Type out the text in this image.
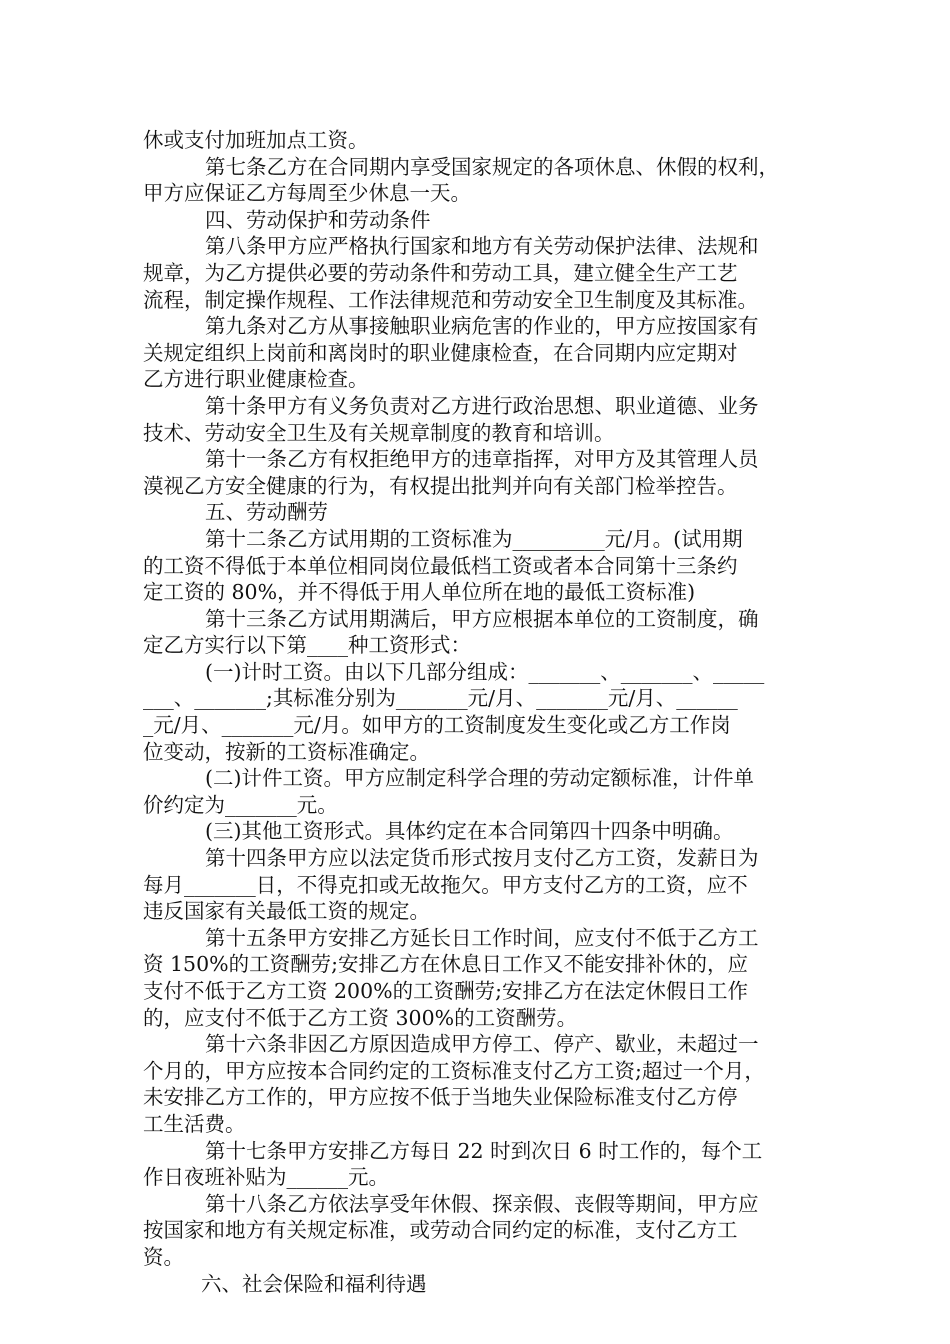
休或支付加班加点工资。
第七条乙方在合同期内享受国家规定的各项休息、休假的权利，
甲方应保证乙方每周至少休息一天。
四、劳动保护和劳动条件
第八条甲方应严格执行国家和地方有关劳动保护法律、法规和
规章，为乙方提供必要的劳动条件和劳动工具，建立健全生产工艺
流程，制定操作规程、工作法律规范和劳动安全卫生制度及其标准。
第九条对乙方从事接触职业病危害的作业的，甲方应按国家有
关规定组织上岗前和离岗时的职业健康检查，在合同期内应定期对
乙方进行职业健康检查。
第十条甲方有义务负责对乙方进行政治思想、职业道德、业务
技术、劳动安全卫生及有关规章制度的教育和培训。
第十一条乙方有权拒绝甲方的违章指挥，对甲方及其管理人员
漠视乙方安全健康的行为，有权提出批判并向有关部门检举控告。
五、劳动酬劳
第十二条乙方试用期的工资标准为_________元/月。(试用期
的工资不得低于本单位相同岗位最低档工资或者本合同第十三条约
定工资的 80%，并不得低于用人单位所在地的最低工资标准)
第十三条乙方试用期满后，甲方应根据本单位的工资制度，确
定乙方实行以下第____种工资形式：
(一)计时工资。由以下几部分组成：_______、_______、_____
___、_______;其标准分别为_______元/月、_______元/月、______
_元/月、_______元/月。如甲方的工资制度发生变化或乙方工作岗
位变动，按新的工资标准确定。
(二)计件工资。甲方应制定科学合理的劳动定额标准，计件单
价约定为_______元。
(三)其他工资形式。具体约定在本合同第四十四条中明确。
第十四条甲方应以法定货币形式按月支付乙方工资，发薪日为
每月_______日，不得克扣或无故拖欠。甲方支付乙方的工资，应不
违反国家有关最低工资的规定。
第十五条甲方安排乙方延长日工作时间，应支付不低于乙方工
资 150%的工资酬劳;安排乙方在休息日工作又不能安排补休的，应
支付不低于乙方工资 200%的工资酬劳;安排乙方在法定休假日工作
的，应支付不低于乙方工资 300%的工资酬劳。
第十六条非因乙方原因造成甲方停工、停产、歇业，未超过一
个月的，甲方应按本合同约定的工资标准支付乙方工资;超过一个月，
未安排乙方工作的，甲方应按不低于当地失业保险标准支付乙方停
工生活费。
第十七条甲方安排乙方每日 22 时到次日 6 时工作的，每个工
作日夜班补贴为______元。
第十八条乙方依法享受年休假、探亲假、丧假等期间，甲方应
按国家和地方有关规定标准，或劳动合同约定的标准，支付乙方工
资。
六、社会保险和福利待遇
